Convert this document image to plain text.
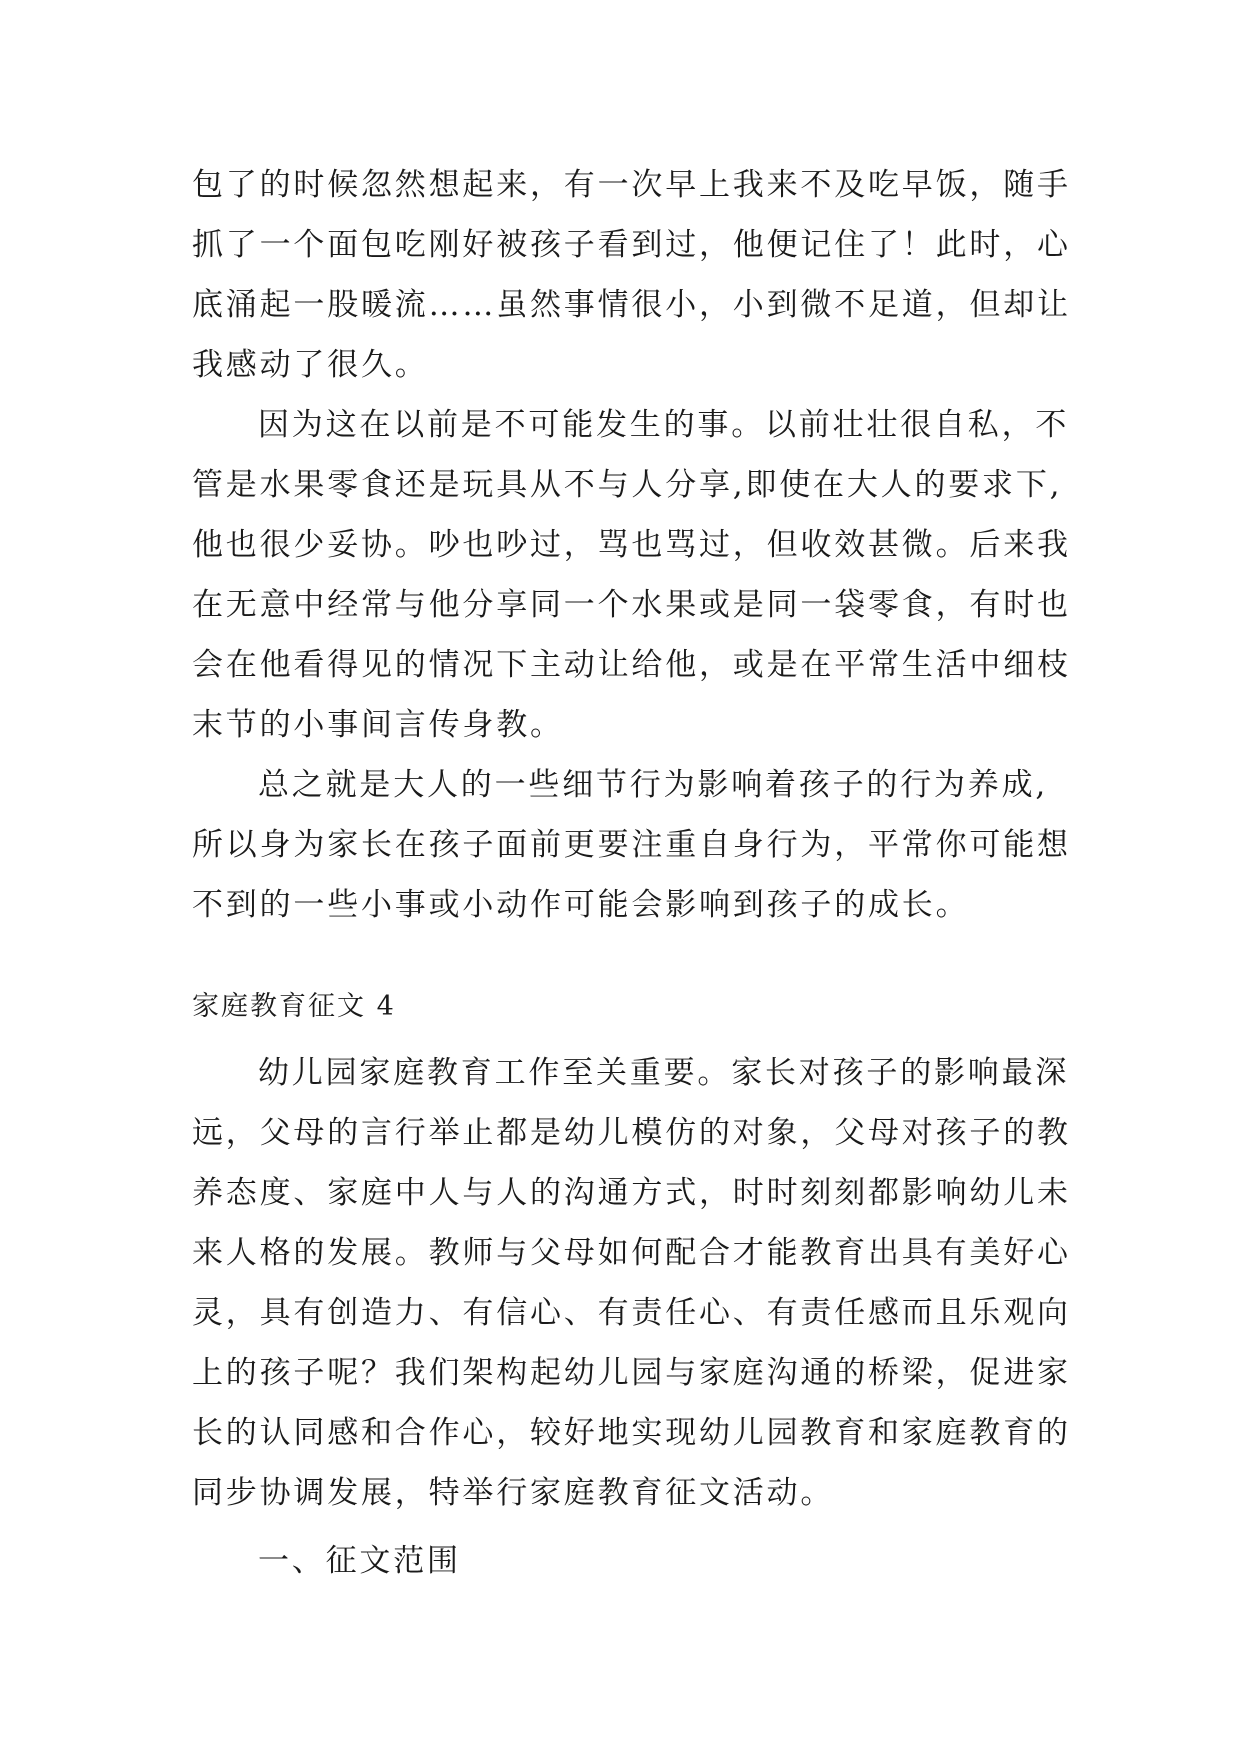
包了的时候忽然想起来，有一次早上我来不及吃早饭，随手
抓了一个面包吃刚好被孩子看到过，他便记住了！此时，心
底涌起一股暖流……虽然事情很小，小到微不足道，但却让
我感动了很久。
因为这在以前是不可能发生的事。以前壮壮很自私，不
管是水果零食还是玩具从不与人分享,即使在大人的要求下,
他也很少妥协。吵也吵过，骂也骂过，但收效甚微。后来我
在无意中经常与他分享同一个水果或是同一袋零食，有时也
会在他看得见的情况下主动让给他，或是在平常生活中细枝
末节的小事间言传身教。
总之就是大人的一些细节行为影响着孩子的行为养成,
所以身为家长在孩子面前更要注重自身行为，平常你可能想
不到的一些小事或小动作可能会影响到孩子的成长。
家庭教育征文 4
幼儿园家庭教育工作至关重要。家长对孩子的影响最深
远，父母的言行举止都是幼儿模仿的对象，父母对孩子的教
养态度、家庭中人与人的沟通方式，时时刻刻都影响幼儿未
来人格的发展。教师与父母如何配合才能教育出具有美好心
灵，具有创造力、有信心、有责任心、有责任感而且乐观向
上的孩子呢？我们架构起幼儿园与家庭沟通的桥梁，促进家
长的认同感和合作心，较好地实现幼儿园教育和家庭教育的
同步协调发展，特举行家庭教育征文活动。
一、征文范围
